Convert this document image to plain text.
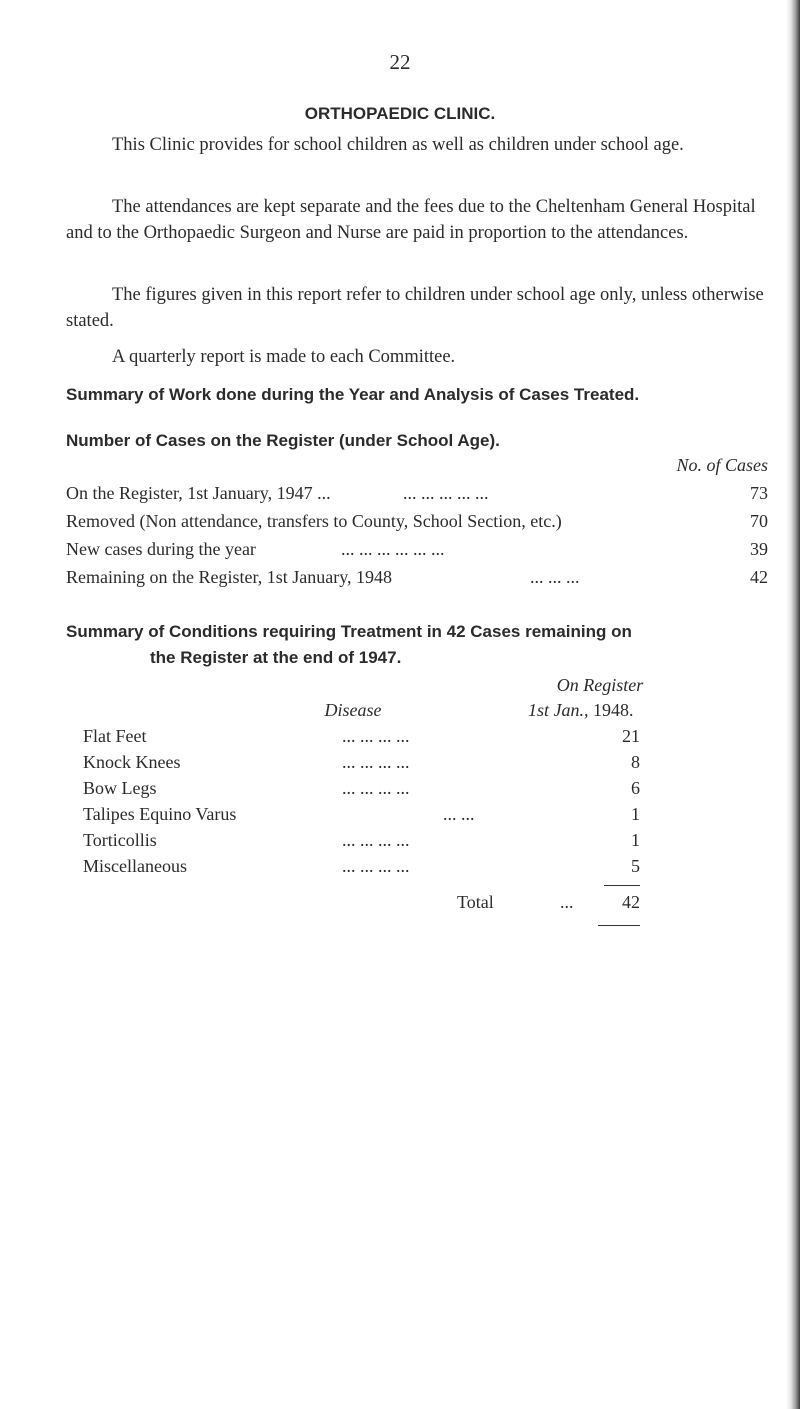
22
ORTHOPAEDIC CLINIC.

This Clinic provides for school children as well as children under school age.

The attendances are kept separate and the fees due to the Cheltenham General Hospital and to the Orthopaedic Surgeon and Nurse are paid in proportion to the attendances.

The figures given in this report refer to children under school age only, unless otherwise stated.

A quarterly report is made to each Committee.

Summary of Work done during the Year and Analysis of Cases Treated.
Number of Cases on the Register (under School Age).
No. of Cases
On the Register, 1st January, 1947 ...	... ... ... ... ...	73
Removed (Non attendance, transfers to County, School Section, etc.)	70
New cases during the year	... ... ... ... ... ...	39
Remaining on the Register, 1st January, 1948	... ... ...	42
Summary of Conditions requiring Treatment in 42 Cases remaining on
the Register at the end of 1947.
On Register
Disease	1st Jan., 1948.
Flat Feet	... ... ... ...	21
Knock Knees	... ... ... ...	8
Bow Legs	... ... ... ...	6
Talipes Equino Varus	... ...	1
Torticollis	... ... ... ...	1
Miscellaneous	... ... ... ...	5
Total	...	42
